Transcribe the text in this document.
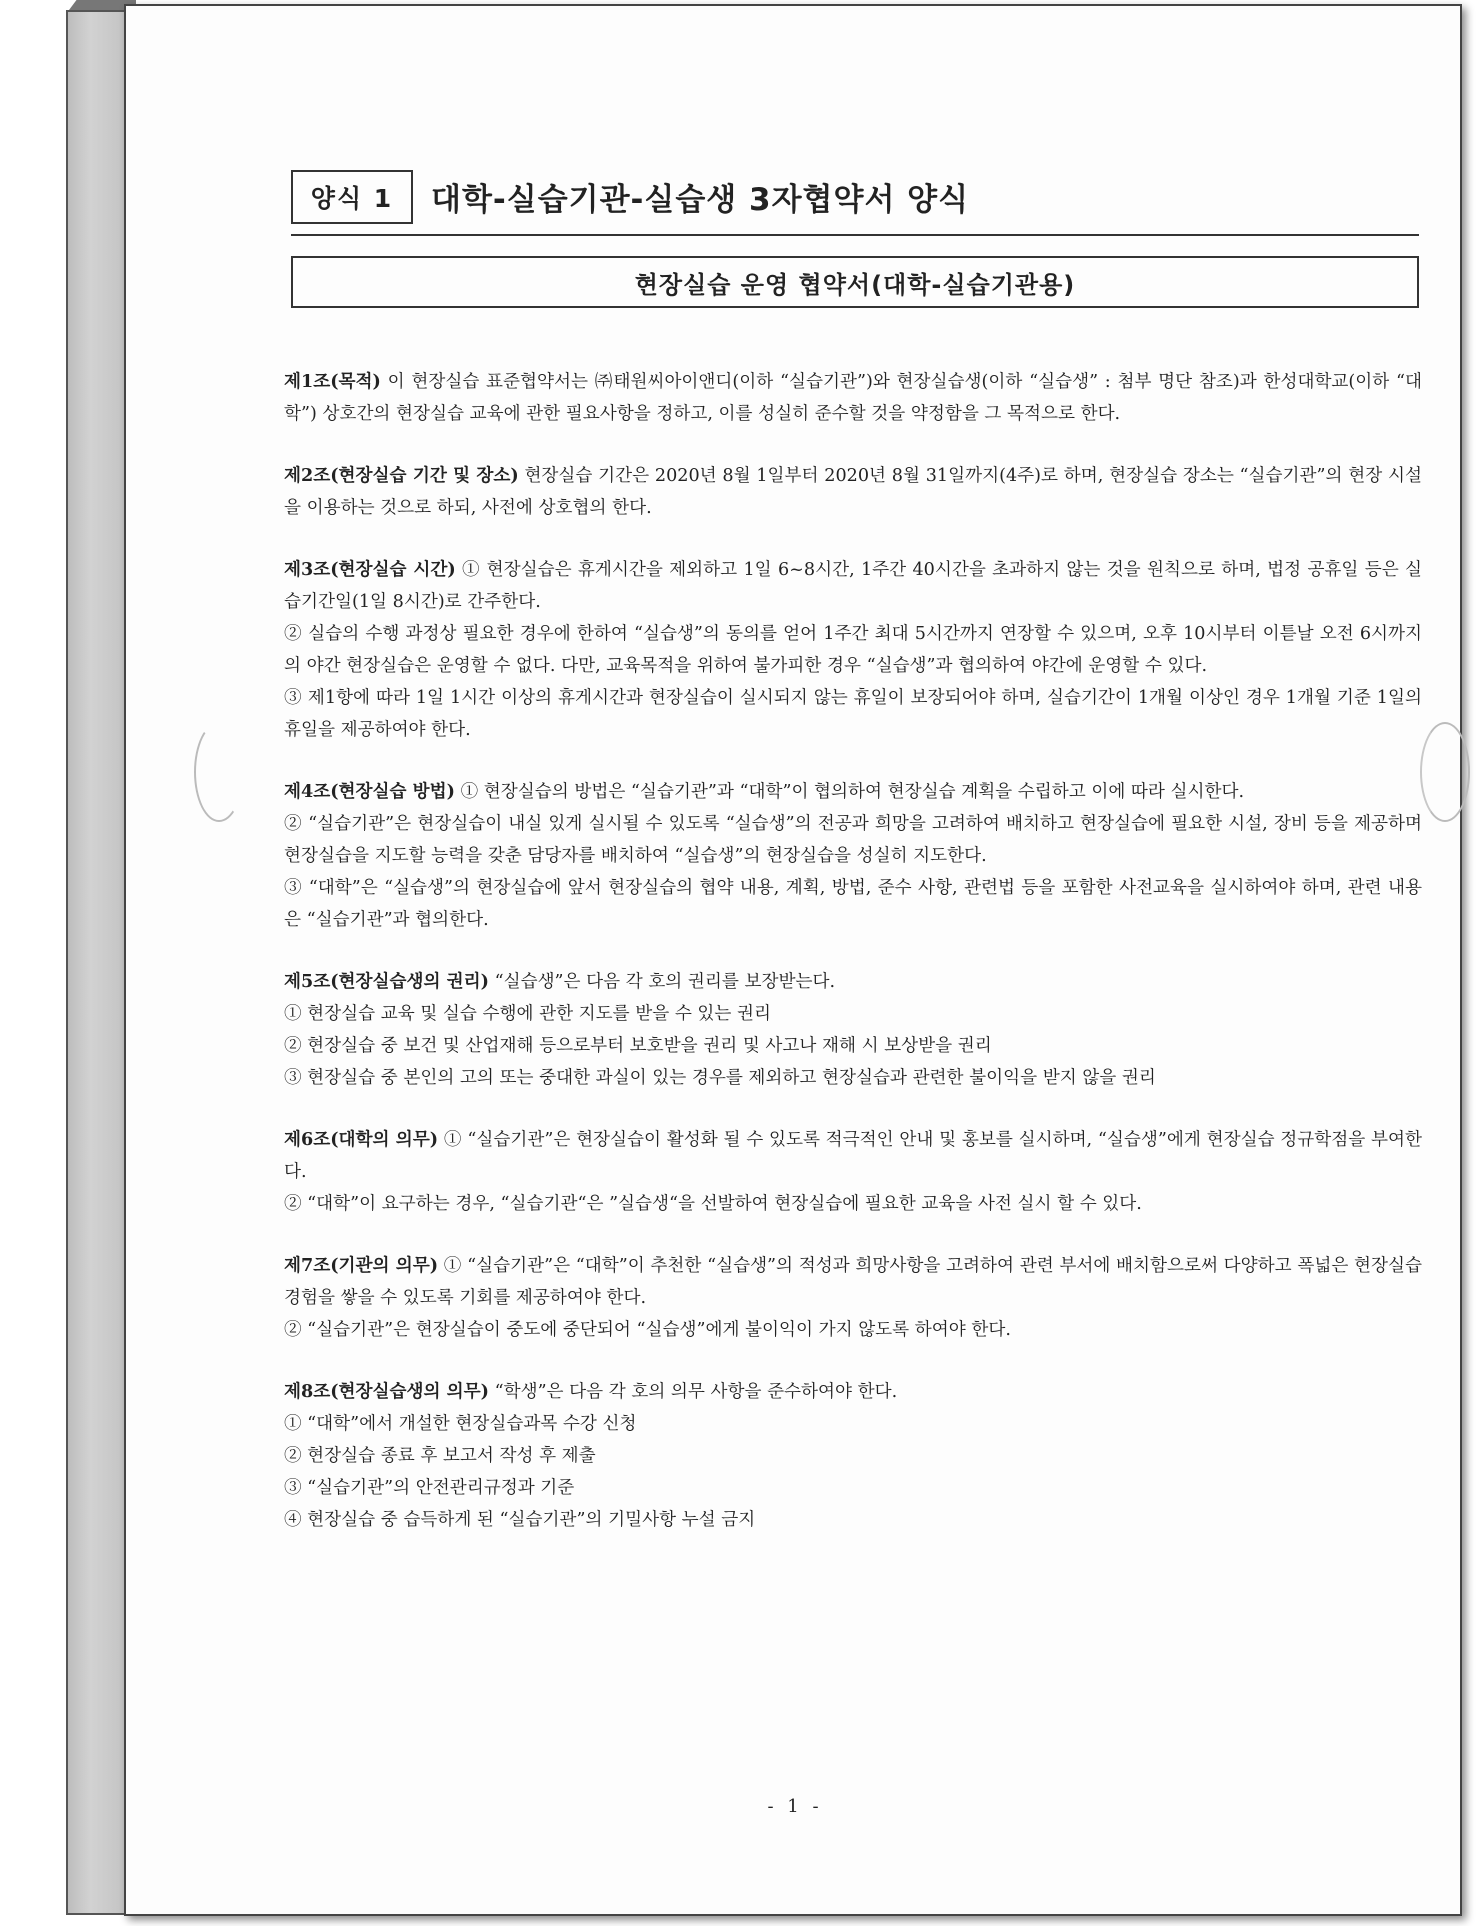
양식 1	대학-실습기관-실습생 3자협약서 양식
현장실습 운영 협약서(대학-실습기관용)

제1조(목적) 이 현장실습 표준협약서는 ㈜태원씨아이앤디(이하 “실습기관”)와 현장실습생(이하 “실습생” : 첨부 명단 참조)과 한성대학교(이하 “대학”) 상호간의 현장실습 교육에 관한 필요사항을 정하고, 이를 성실히 준수할 것을 약정함을 그 목적으로 한다.

제2조(현장실습 기간 및 장소) 현장실습 기간은 2020년 8월 1일부터 2020년 8월 31일까지(4주)로 하며, 현장실습 장소는 “실습기관”의 현장 시설을 이용하는 것으로 하되, 사전에 상호협의 한다.

제3조(현장실습 시간) ① 현장실습은 휴게시간을 제외하고 1일 6~8시간, 1주간 40시간을 초과하지 않는 것을 원칙으로 하며, 법정 공휴일 등은 실습기간일(1일 8시간)로 간주한다.

② 실습의 수행 과정상 필요한 경우에 한하여 “실습생”의 동의를 얻어 1주간 최대 5시간까지 연장할 수 있으며, 오후 10시부터 이튿날 오전 6시까지의 야간 현장실습은 운영할 수 없다. 다만, 교육목적을 위하여 불가피한 경우 “실습생”과 협의하여 야간에 운영할 수 있다.

③ 제1항에 따라 1일 1시간 이상의 휴게시간과 현장실습이 실시되지 않는 휴일이 보장되어야 하며, 실습기간이 1개월 이상인 경우 1개월 기준 1일의 휴일을 제공하여야 한다.

제4조(현장실습 방법) ① 현장실습의 방법은 “실습기관”과 “대학”이 협의하여 현장실습 계획을 수립하고 이에 따라 실시한다.

② “실습기관”은 현장실습이 내실 있게 실시될 수 있도록 “실습생”의 전공과 희망을 고려하여 배치하고 현장실습에 필요한 시설, 장비 등을 제공하며 현장실습을 지도할 능력을 갖춘 담당자를 배치하여 “실습생”의 현장실습을 성실히 지도한다.

③ “대학”은 “실습생”의 현장실습에 앞서 현장실습의 협약 내용, 계획, 방법, 준수 사항, 관련법 등을 포함한 사전교육을 실시하여야 하며, 관련 내용은 “실습기관”과 협의한다.

제5조(현장실습생의 권리) “실습생”은 다음 각 호의 권리를 보장받는다.

① 현장실습 교육 및 실습 수행에 관한 지도를 받을 수 있는 권리

② 현장실습 중 보건 및 산업재해 등으로부터 보호받을 권리 및 사고나 재해 시 보상받을 권리

③ 현장실습 중 본인의 고의 또는 중대한 과실이 있는 경우를 제외하고 현장실습과 관련한 불이익을 받지 않을 권리

제6조(대학의 의무) ① “실습기관”은 현장실습이 활성화 될 수 있도록 적극적인 안내 및 홍보를 실시하며, “실습생”에게 현장실습 정규학점을 부여한다.

② “대학”이 요구하는 경우, “실습기관“은 ”실습생“을 선발하여 현장실습에 필요한 교육을 사전 실시 할 수 있다.

제7조(기관의 의무) ① “실습기관”은 “대학”이 추천한 “실습생”의 적성과 희망사항을 고려하여 관련 부서에 배치함으로써 다양하고 폭넓은 현장실습 경험을 쌓을 수 있도록 기회를 제공하여야 한다.

② “실습기관”은 현장실습이 중도에 중단되어 “실습생”에게 불이익이 가지 않도록 하여야 한다.

제8조(현장실습생의 의무) “학생”은 다음 각 호의 의무 사항을 준수하여야 한다.

① “대학”에서 개설한 현장실습과목 수강 신청

② 현장실습 종료 후 보고서 작성 후 제출

③ “실습기관”의 안전관리규정과 기준

④ 현장실습 중 습득하게 된 “실습기관”의 기밀사항 누설 금지

- 1 -
